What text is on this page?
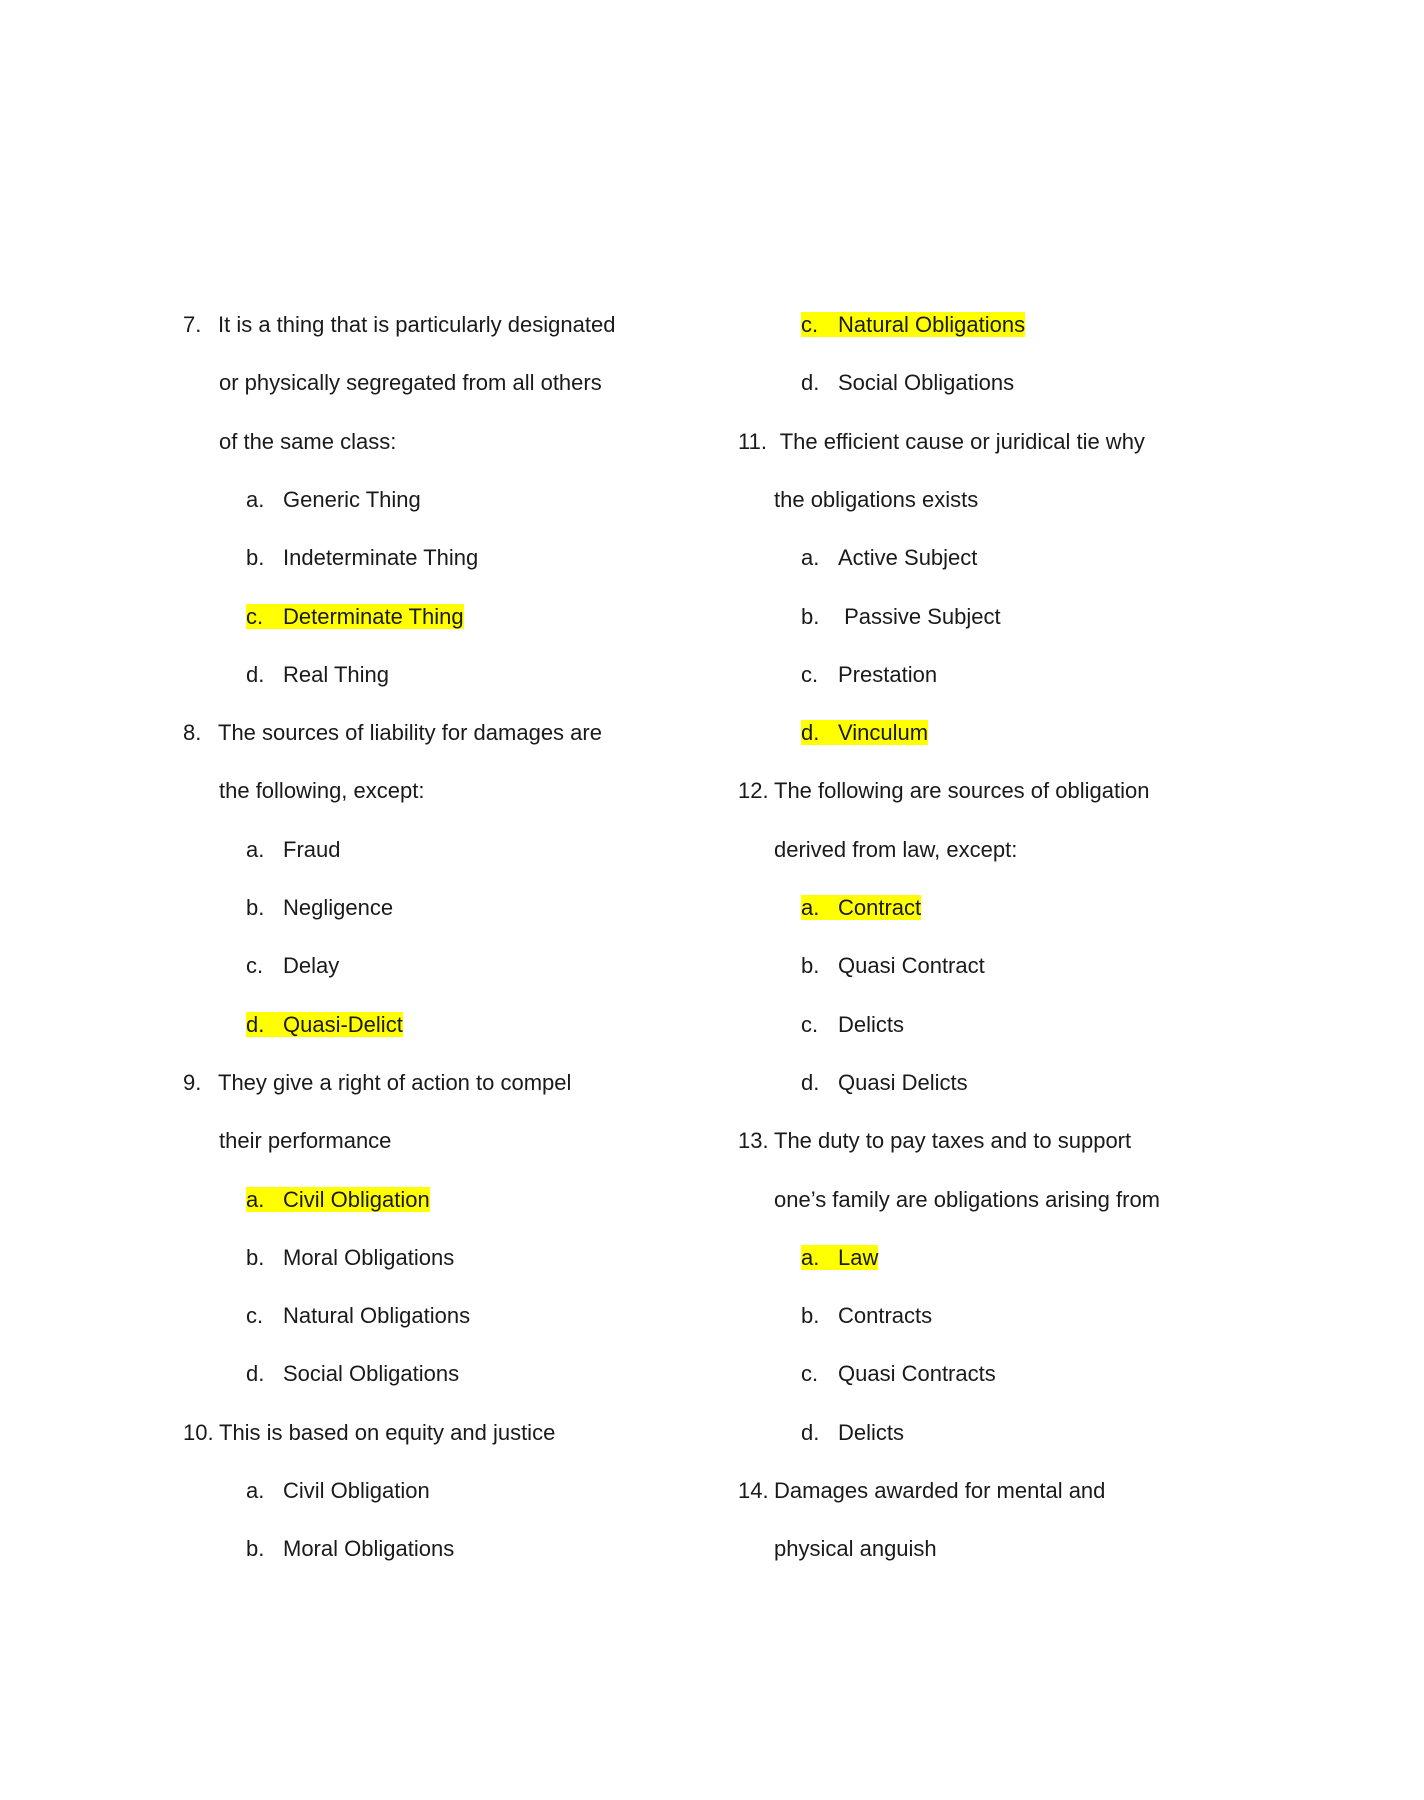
7. It is a thing that is particularly designated
or physically segregated from all others
of the same class:
a. Generic Thing
b. Indeterminate Thing
c. Determinate Thing
d. Real Thing
8. The sources of liability for damages are
the following, except:
a. Fraud
b. Negligence
c. Delay
d. Quasi-Delict
9. They give a right of action to compel
their performance
a. Civil Obligation
b. Moral Obligations
c. Natural Obligations
d. Social Obligations
10. This is based on equity and justice
a. Civil Obligation
b. Moral Obligations
c. Natural Obligations
d. Social Obligations
11. The efficient cause or juridical tie why
the obligations exists
a. Active Subject
b. Passive Subject
c. Prestation
d. Vinculum
12. The following are sources of obligation
derived from law, except:
a. Contract
b. Quasi Contract
c. Delicts
d. Quasi Delicts
13. The duty to pay taxes and to support
one’s family are obligations arising from
a. Law
b. Contracts
c. Quasi Contracts
d. Delicts
14. Damages awarded for mental and
physical anguish
